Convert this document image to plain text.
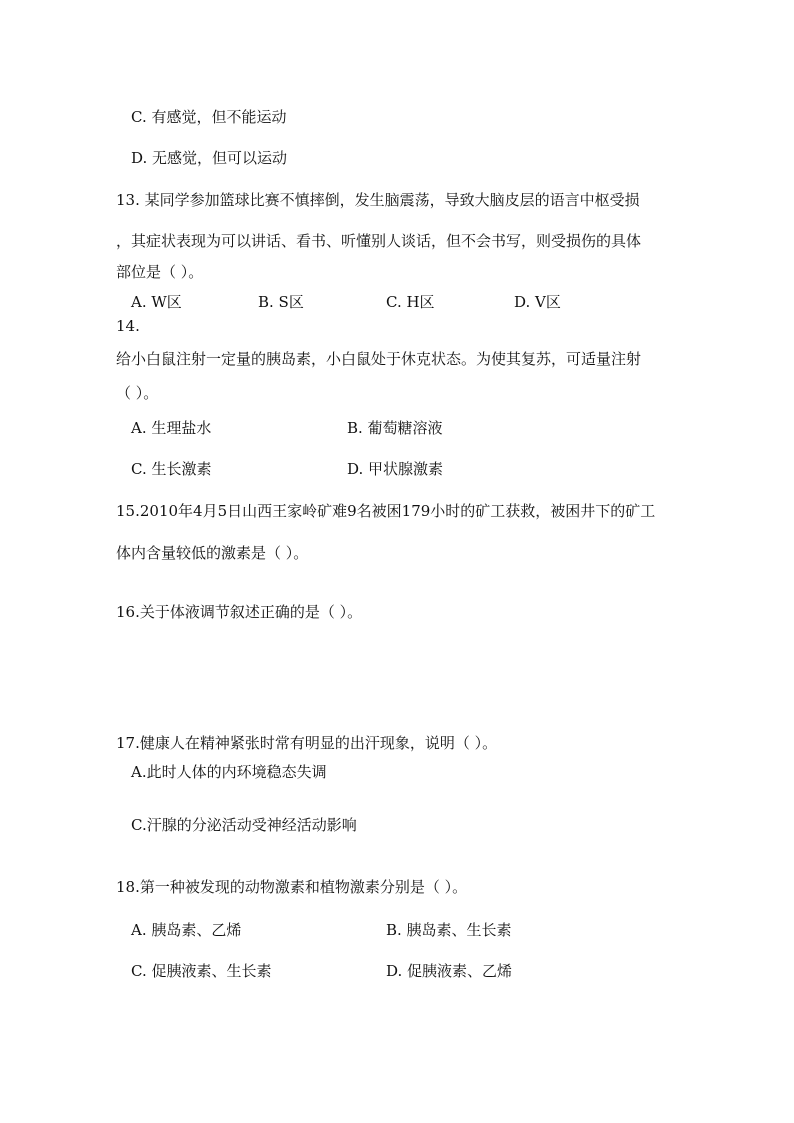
C. 有感觉，但不能运动
D. 无感觉，但可以运动
13. 某同学参加篮球比赛不慎摔倒，发生脑震荡，导致大脑皮层的语言中枢受损
，其症状表现为可以讲话、看书、听懂别人谈话，但不会书写，则受损伤的具体
部位是（ ）。
A. W区	B. S区	C. H区	D. V区
14.
给小白鼠注射一定量的胰岛素，小白鼠处于休克状态。为使其复苏，可适量注射
（ ）。
A. 生理盐水	B. 葡萄糖溶液
C. 生长激素	D. 甲状腺激素
15.2010年4月5日山西王家岭矿难9名被困179小时的矿工获救，被困井下的矿工
体内含量较低的激素是（ ）。
16.关于体液调节叙述正确的是（ ）。
17.健康人在精神紧张时常有明显的出汗现象，说明（ ）。
A.此时人体的内环境稳态失调
C.汗腺的分泌活动受神经活动影响
18.第一种被发现的动物激素和植物激素分别是（ ）。
A. 胰岛素、乙烯	B. 胰岛素、生长素
C. 促胰液素、生长素	D. 促胰液素、乙烯
